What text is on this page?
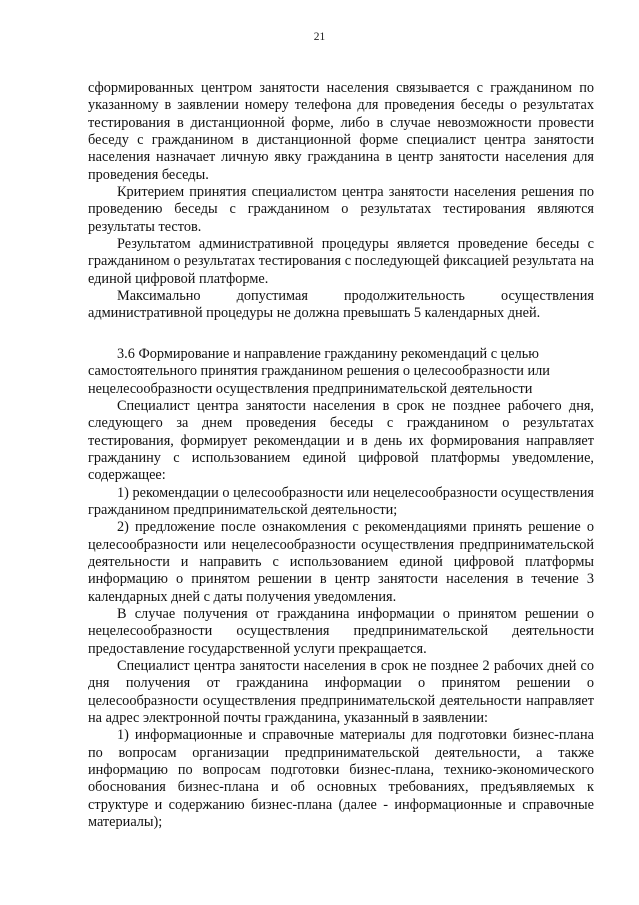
21

сформированных центром занятости населения связывается с гражданином по указанному в заявлении номеру телефона для проведения беседы о результатах тестирования в дистанционной форме, либо в случае невозможности провести беседу с гражданином в дистанционной форме специалист центра занятости населения назначает личную явку гражданина в центр занятости населения для проведения беседы.

Критерием принятия специалистом центра занятости населения решения по проведению беседы с гражданином о результатах тестирования являются результаты тестов.

Результатом административной процедуры является проведение беседы с гражданином о результатах тестирования с последующей фиксацией результата на единой цифровой платформе.

Максимально допустимая продолжительность осуществления административной процедуры не должна превышать 5 календарных дней.

3.6 Формирование и направление гражданину рекомендаций с целью самостоятельного принятия гражданином решения о целесообразности или нецелесообразности осуществления предпринимательской деятельности

Специалист центра занятости населения в срок не позднее рабочего дня, следующего за днем проведения беседы с гражданином о результатах тестирования, формирует рекомендации и в день их формирования направляет гражданину с использованием единой цифровой платформы уведомление, содержащее:

1) рекомендации о целесообразности или нецелесообразности осуществления гражданином предпринимательской деятельности;

2) предложение после ознакомления с рекомендациями принять решение о целесообразности или нецелесообразности осуществления предпринимательской деятельности и направить с использованием единой цифровой платформы информацию о принятом решении в центр занятости населения в течение 3 календарных дней с даты получения уведомления.

В случае получения от гражданина информации о принятом решении о нецелесообразности осуществления предпринимательской деятельности предоставление государственной услуги прекращается.

Специалист центра занятости населения в срок не позднее 2 рабочих дней со дня получения от гражданина информации о принятом решении о целесообразности осуществления предпринимательской деятельности направляет на адрес электронной почты гражданина, указанный в заявлении:

1) информационные и справочные материалы для подготовки бизнес-плана по вопросам организации предпринимательской деятельности, а также информацию по вопросам подготовки бизнес-плана, технико-экономического обоснования бизнес-плана и об основных требованиях, предъявляемых к структуре и содержанию бизнес-плана (далее - информационные и справочные материалы);
